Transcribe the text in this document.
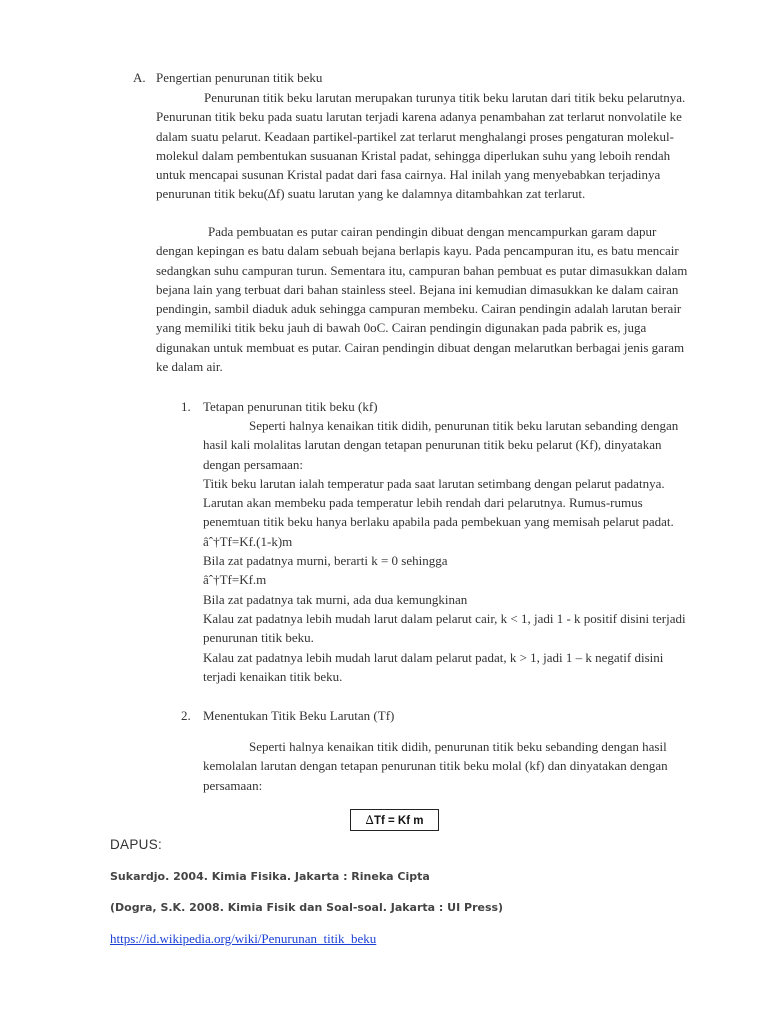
A. Pengertian penurunan titik beku
Penurunan titik beku larutan merupakan turunya titik beku larutan dari titik beku pelarutnya. Penurunan titik beku pada suatu larutan terjadi karena adanya penambahan zat terlarut nonvolatile ke dalam suatu pelarut. Keadaan partikel-partikel zat terlarut menghalangi proses pengaturan molekul-molekul dalam pembentukan susuanan Kristal padat, sehingga diperlukan suhu yang leboih rendah untuk mencapai susunan Kristal padat dari fasa cairnya. Hal inilah yang menyebabkan terjadinya penurunan titik beku(∆f) suatu larutan yang ke dalamnya ditambahkan zat terlarut.
Pada pembuatan es putar cairan pendingin dibuat dengan mencampurkan garam dapur dengan kepingan es batu dalam sebuah bejana berlapis kayu. Pada pencampuran itu, es batu mencair sedangkan suhu campuran turun. Sementara itu, campuran bahan pembuat es putar dimasukkan dalam bejana lain yang terbuat dari bahan stainless steel. Bejana ini kemudian dimasukkan ke dalam cairan pendingin, sambil diaduk aduk sehingga campuran membeku. Cairan pendingin adalah larutan berair yang memiliki titik beku jauh di bawah 0oC. Cairan pendingin digunakan pada pabrik es, juga digunakan untuk membuat es putar. Cairan pendingin dibuat dengan melarutkan berbagai jenis garam ke dalam air.
1. Tetapan penurunan titik beku (kf)
Seperti halnya kenaikan titik didih, penurunan titik beku larutan sebanding dengan hasil kali molalitas larutan dengan tetapan penurunan titik beku pelarut (Kf), dinyatakan dengan persamaan:
Titik beku larutan ialah temperatur pada saat larutan setimbang dengan pelarut padatnya. Larutan akan membeku pada temperatur lebih rendah dari pelarutnya. Rumus-rumus penemtuan titik beku hanya berlaku apabila pada pembekuan yang memisah pelarut padat.
âˆ†Tf=Kf.(1-k)m
Bila zat padatnya murni, berarti k = 0 sehingga
âˆ†Tf=Kf.m
Bila zat padatnya tak murni, ada dua kemungkinan
Kalau zat padatnya lebih mudah larut dalam pelarut cair, k < 1, jadi 1 - k positif disini terjadi penurunan titik beku.
Kalau zat padatnya lebih mudah larut dalam pelarut padat, k > 1, jadi 1 – k negatif disini terjadi kenaikan titik beku.
2. Menentukan Titik Beku Larutan (Tf)
Seperti halnya kenaikan titik didih, penurunan titik beku sebanding dengan hasil kemolalan larutan dengan tetapan penurunan titik beku molal (kf) dan dinyatakan dengan persamaan:
∆Tf = Kf m
DAPUS:
Sukardjo. 2004. Kimia Fisika. Jakarta : Rineka Cipta
(Dogra, S.K. 2008. Kimia Fisik dan Soal-soal. Jakarta : UI Press)
https://id.wikipedia.org/wiki/Penurunan_titik_beku
